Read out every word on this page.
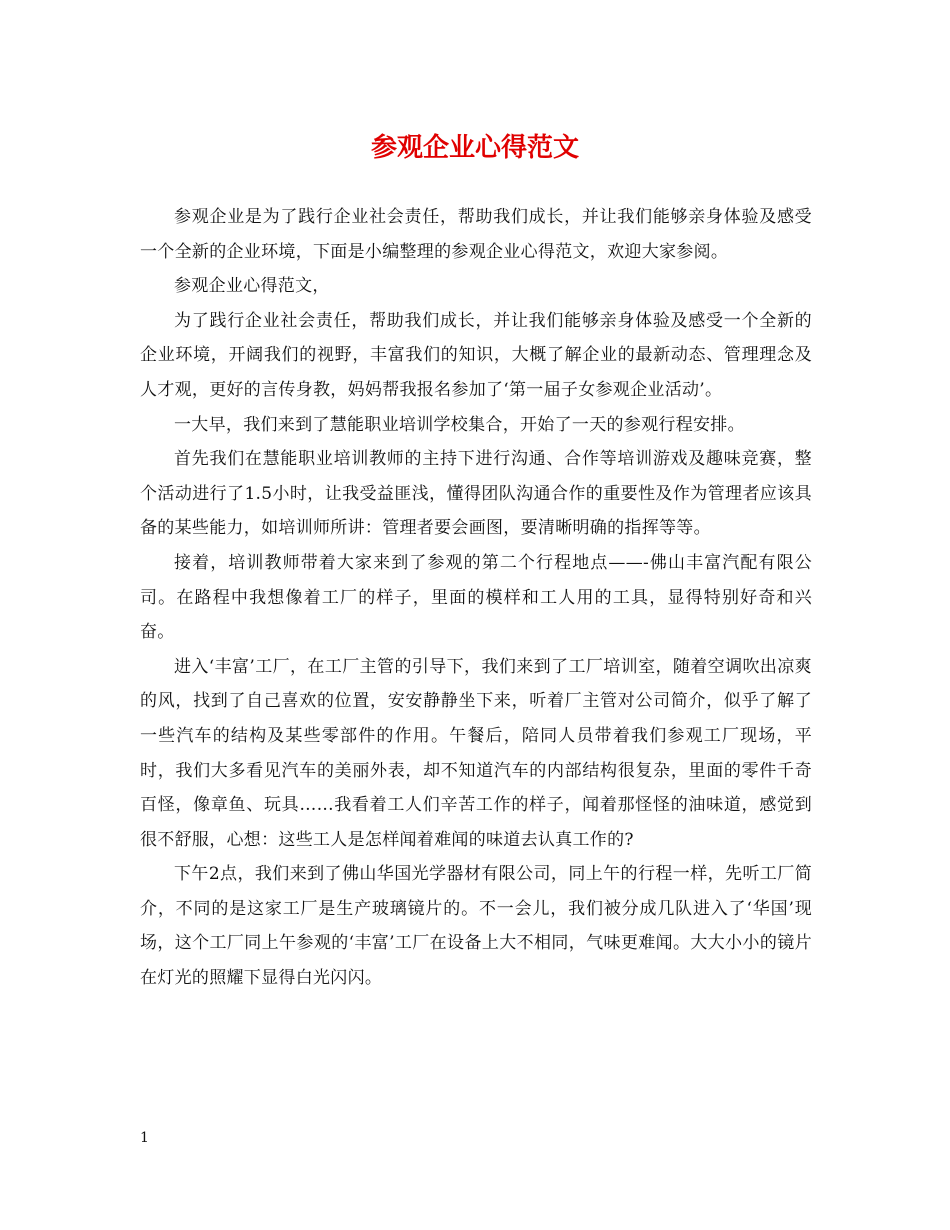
参观企业心得范文

参观企业是为了践行企业社会责任，帮助我们成长，并让我们能够亲身体验及感受一个全新的企业环境，下面是小编整理的参观企业心得范文，欢迎大家参阅。

参观企业心得范文，

为了践行企业社会责任，帮助我们成长，并让我们能够亲身体验及感受一个全新的企业环境，开阔我们的视野，丰富我们的知识，大概了解企业的最新动态、管理理念及人才观，更好的言传身教，妈妈帮我报名参加了‘第一届子女参观企业活动’。

一大早，我们来到了慧能职业培训学校集合，开始了一天的参观行程安排。

首先我们在慧能职业培训教师的主持下进行沟通、合作等培训游戏及趣味竞赛，整个活动进行了1.5小时，让我受益匪浅，懂得团队沟通合作的重要性及作为管理者应该具备的某些能力，如培训师所讲：管理者要会画图，要清晰明确的指挥等等。

接着，培训教师带着大家来到了参观的第二个行程地点——-佛山丰富汽配有限公司。在路程中我想像着工厂的样子，里面的模样和工人用的工具，显得特别好奇和兴奋。

进入‘丰富’工厂，在工厂主管的引导下，我们来到了工厂培训室，随着空调吹出凉爽的风，找到了自己喜欢的位置，安安静静坐下来，听着厂主管对公司简介，似乎了解了一些汽车的结构及某些零部件的作用。午餐后，陪同人员带着我们参观工厂现场，平时，我们大多看见汽车的美丽外表，却不知道汽车的内部结构很复杂，里面的零件千奇百怪，像章鱼、玩具…...我看着工人们辛苦工作的样子，闻着那怪怪的油味道，感觉到很不舒服，心想：这些工人是怎样闻着难闻的味道去认真工作的?

下午2点，我们来到了佛山华国光学器材有限公司，同上午的行程一样，先听工厂简介，不同的是这家工厂是生产玻璃镜片的。不一会儿，我们被分成几队进入了‘华国’现场，这个工厂同上午参观的‘丰富’工厂在设备上大不相同，气味更难闻。大大小小的镜片在灯光的照耀下显得白光闪闪。

1
